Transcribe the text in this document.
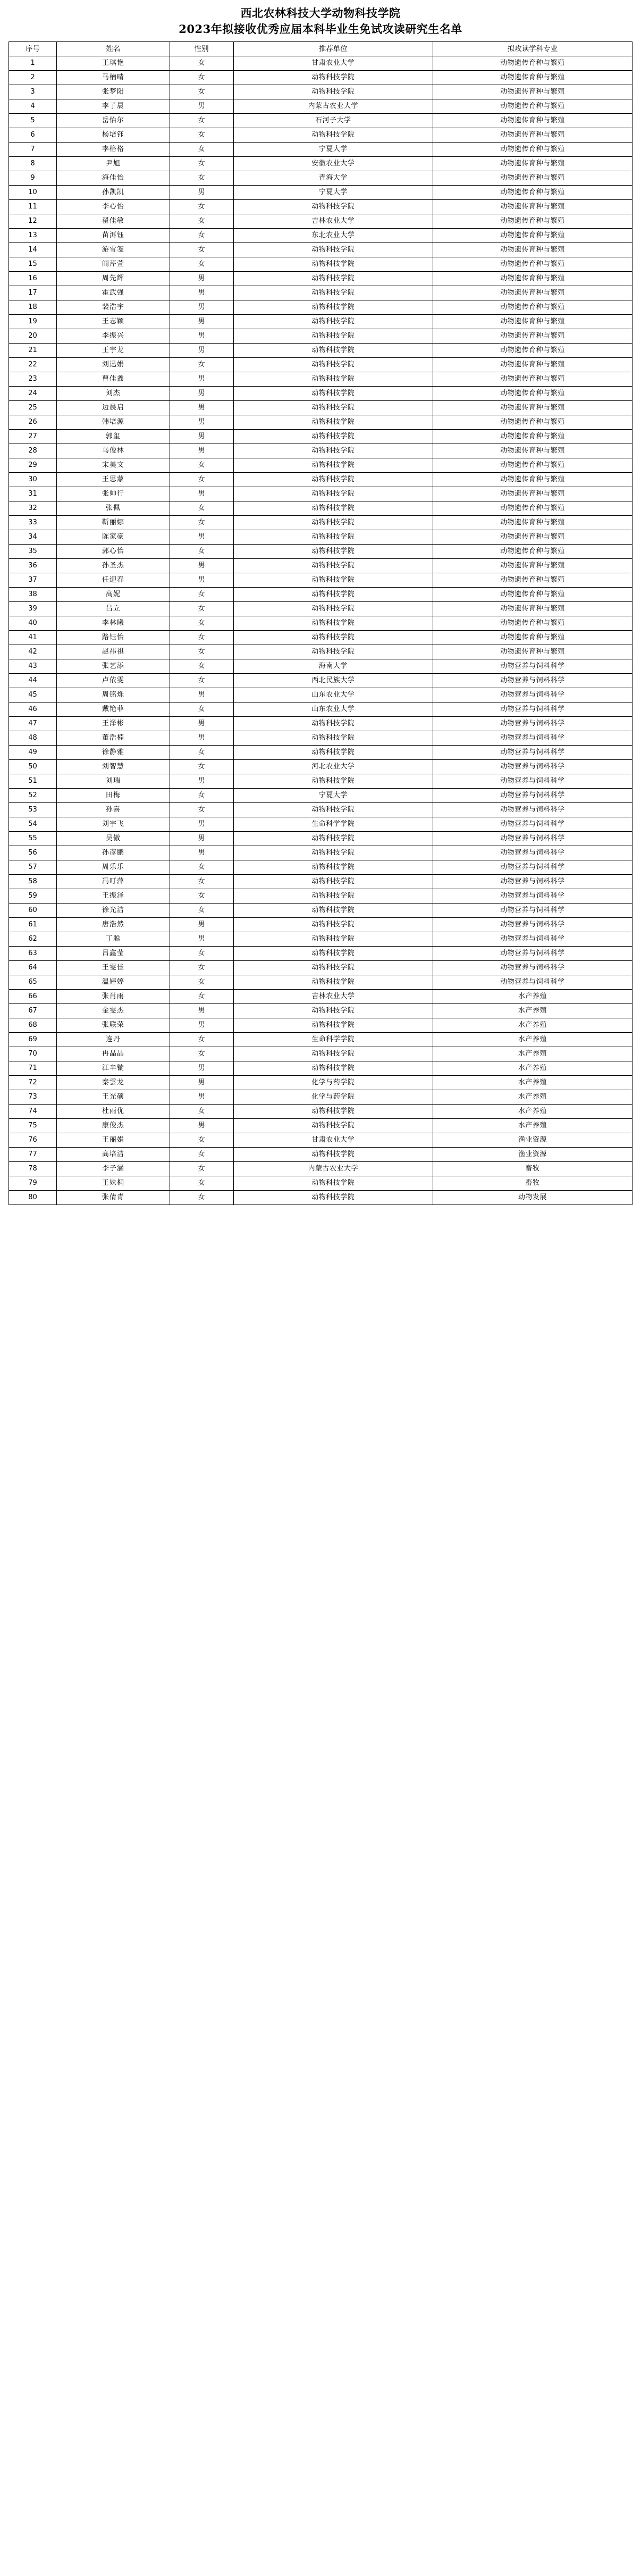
西北农林科技大学动物科技学院
2023年拟接收优秀应届本科毕业生免试攻读研究生名单
序号	姓名	性别	推荐单位	拟攻读学科专业
1	王琪艳	女	甘肃农业大学	动物遗传育种与繁殖
2	马楠晴	女	动物科技学院	动物遗传育种与繁殖
3	张梦阳	女	动物科技学院	动物遗传育种与繁殖
4	李子晨	男	内蒙古农业大学	动物遗传育种与繁殖
5	岳怡尔	女	石河子大学	动物遗传育种与繁殖
6	杨培钰	女	动物科技学院	动物遗传育种与繁殖
7	李格格	女	宁夏大学	动物遗传育种与繁殖
8	尹旭	女	安徽农业大学	动物遗传育种与繁殖
9	海佳怡	女	青海大学	动物遗传育种与繁殖
10	孙凯凯	男	宁夏大学	动物遗传育种与繁殖
11	李心怡	女	动物科技学院	动物遗传育种与繁殖
12	翟佳敏	女	吉林农业大学	动物遗传育种与繁殖
13	苗洱钰	女	东北农业大学	动物遗传育种与繁殖
14	游雪笺	女	动物科技学院	动物遗传育种与繁殖
15	阎芹萱	女	动物科技学院	动物遗传育种与繁殖
16	周先辉	男	动物科技学院	动物遗传育种与繁殖
17	霍武强	男	动物科技学院	动物遗传育种与繁殖
18	裴浩宇	男	动物科技学院	动物遗传育种与繁殖
19	王志颖	男	动物科技学院	动物遗传育种与繁殖
20	李振兴	男	动物科技学院	动物遗传育种与繁殖
21	王宇龙	男	动物科技学院	动物遗传育种与繁殖
22	刘迅娟	女	动物科技学院	动物遗传育种与繁殖
23	曹佳鑫	男	动物科技学院	动物遗传育种与繁殖
24	刘杰	男	动物科技学院	动物遗传育种与繁殖
25	边晨启	男	动物科技学院	动物遗传育种与繁殖
26	韩培源	男	动物科技学院	动物遗传育种与繁殖
27	郭玺	男	动物科技学院	动物遗传育种与繁殖
28	马俊林	男	动物科技学院	动物遗传育种与繁殖
29	宋美文	女	动物科技学院	动物遗传育种与繁殖
30	王思蒙	女	动物科技学院	动物遗传育种与繁殖
31	张帅行	男	动物科技学院	动物遗传育种与繁殖
32	张佩	女	动物科技学院	动物遗传育种与繁殖
33	靳丽娜	女	动物科技学院	动物遗传育种与繁殖
34	陈家豪	男	动物科技学院	动物遗传育种与繁殖
35	郭心怡	女	动物科技学院	动物遗传育种与繁殖
36	孙圣杰	男	动物科技学院	动物遗传育种与繁殖
37	任迎春	男	动物科技学院	动物遗传育种与繁殖
38	高妮	女	动物科技学院	动物遗传育种与繁殖
39	吕立	女	动物科技学院	动物遗传育种与繁殖
40	李林曦	女	动物科技学院	动物遗传育种与繁殖
41	路钰怡	女	动物科技学院	动物遗传育种与繁殖
42	赵祎祺	女	动物科技学院	动物遗传育种与繁殖
43	张艺添	女	海南大学	动物营养与饲料科学
44	卢依雯	女	西北民族大学	动物营养与饲料科学
45	周铭烁	男	山东农业大学	动物营养与饲料科学
46	戴艳菲	女	山东农业大学	动物营养与饲料科学
47	王泽彬	男	动物科技学院	动物营养与饲料科学
48	董浩楠	男	动物科技学院	动物营养与饲料科学
49	徐静雅	女	动物科技学院	动物营养与饲料科学
50	刘智慧	女	河北农业大学	动物营养与饲料科学
51	刘瑞	男	动物科技学院	动物营养与饲料科学
52	田梅	女	宁夏大学	动物营养与饲料科学
53	孙喜	女	动物科技学院	动物营养与饲料科学
54	刘宇飞	男	生命科学学院	动物营养与饲料科学
55	吴傲	男	动物科技学院	动物营养与饲料科学
56	孙彦鹏	男	动物科技学院	动物营养与饲料科学
57	周乐乐	女	动物科技学院	动物营养与饲料科学
58	冯叮萍	女	动物科技学院	动物营养与饲料科学
59	王振泽	女	动物科技学院	动物营养与饲料科学
60	徐光洁	女	动物科技学院	动物营养与饲料科学
61	唐浩然	男	动物科技学院	动物营养与饲料科学
62	丁聪	男	动物科技学院	动物营养与饲料科学
63	吕鑫莹	女	动物科技学院	动物营养与饲料科学
64	王雯佳	女	动物科技学院	动物营养与饲料科学
65	温婷婷	女	动物科技学院	动物营养与饲料科学
66	张肖雨	女	吉林农业大学	水产养殖
67	金雯杰	男	动物科技学院	水产养殖
68	张联荣	男	动物科技学院	水产养殖
69	连丹	女	生命科学学院	水产养殖
70	冉晶晶	女	动物科技学院	水产养殖
71	江辛镟	男	动物科技学院	水产养殖
72	秦雲龙	男	化学与药学院	水产养殖
73	王光硕	男	化学与药学院	水产养殖
74	杜雨优	女	动物科技学院	水产养殖
75	康俊杰	男	动物科技学院	水产养殖
76	王丽娟	女	甘肃农业大学	渔业资源
77	高培洁	女	动物科技学院	渔业资源
78	李子涵	女	内蒙古农业大学	畜牧
79	王姝桐	女	动物科技学院	畜牧
80	张倩青	女	动物科技学院	动物发展
